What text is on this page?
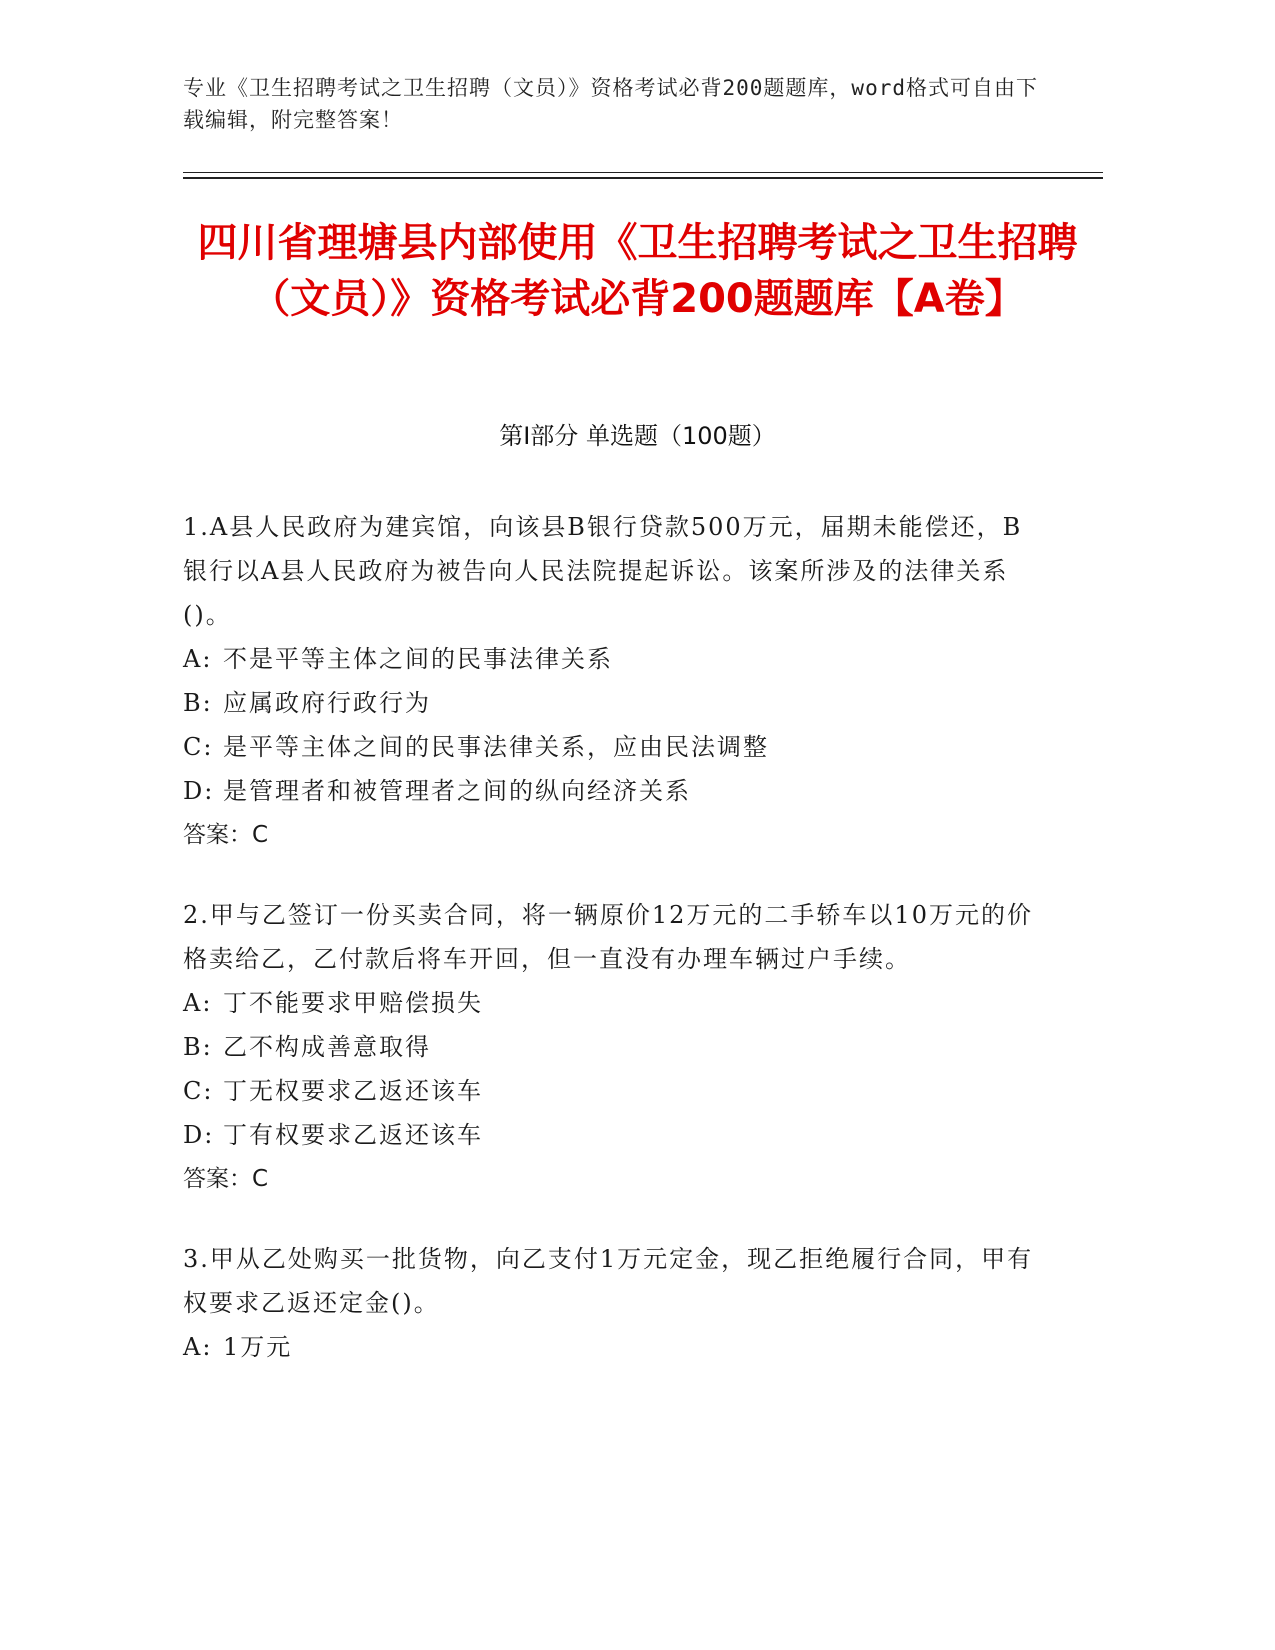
专业《卫生招聘考试之卫生招聘（文员）》资格考试必背200题题库，word格式可自由下载编辑，附完整答案！
四川省理塘县内部使用《卫生招聘考试之卫生招聘（文员）》资格考试必背200题题库【A卷】
第I部分 单选题（100题）

1.A县人民政府为建宾馆，向该县B银行贷款500万元，届期未能偿还，B银行以A县人民政府为被告向人民法院提起诉讼。该案所涉及的法律关系()。

A: 不是平等主体之间的民事法律关系

B: 应属政府行政行为

C: 是平等主体之间的民事法律关系，应由民法调整

D: 是管理者和被管理者之间的纵向经济关系

答案：C

2.甲与乙签订一份买卖合同，将一辆原价12万元的二手轿车以10万元的价格卖给乙，乙付款后将车开回，但一直没有办理车辆过户手续。

A: 丁不能要求甲赔偿损失

B: 乙不构成善意取得

C: 丁无权要求乙返还该车

D: 丁有权要求乙返还该车

答案：C

3.甲从乙处购买一批货物，向乙支付1万元定金，现乙拒绝履行合同，甲有权要求乙返还定金()。

A: 1万元
